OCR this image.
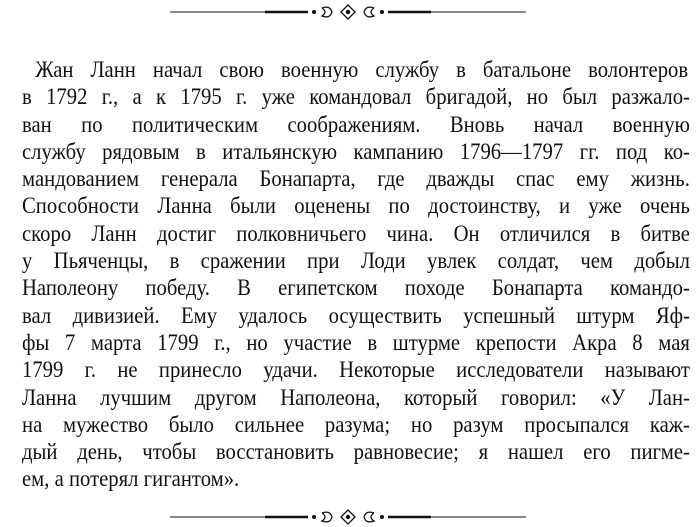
Жан Ланн начал свою военную службу в батальоне волонтеров
в 1792 г., а к 1795 г. уже командовал бригадой, но был разжало-
ван по политическим соображениям. Вновь начал военную
службу рядовым в итальянскую кампанию 1796—1797 гг. под ко-
мандованием генерала Бонапарта, где дважды спас ему жизнь.
Способности Ланна были оценены по достоинству, и уже очень
скоро Ланн достиг полковничьего чина. Он отличился в битве
у Пьяченцы, в сражении при Лоди увлек солдат, чем добыл
Наполеону победу. В египетском походе Бонапарта командо-
вал дивизией. Ему удалось осуществить успешный штурм Яф-
фы 7 марта 1799 г., но участие в штурме крепости Акра 8 мая
1799 г. не принесло удачи. Некоторые исследователи называют
Ланна лучшим другом Наполеона, который говорил: «У Лан-
на мужество было сильнее разума; но разум просыпался каж-
дый день, чтобы восстановить равновесие; я нашел его пигме-
ем, а потерял гигантом».
